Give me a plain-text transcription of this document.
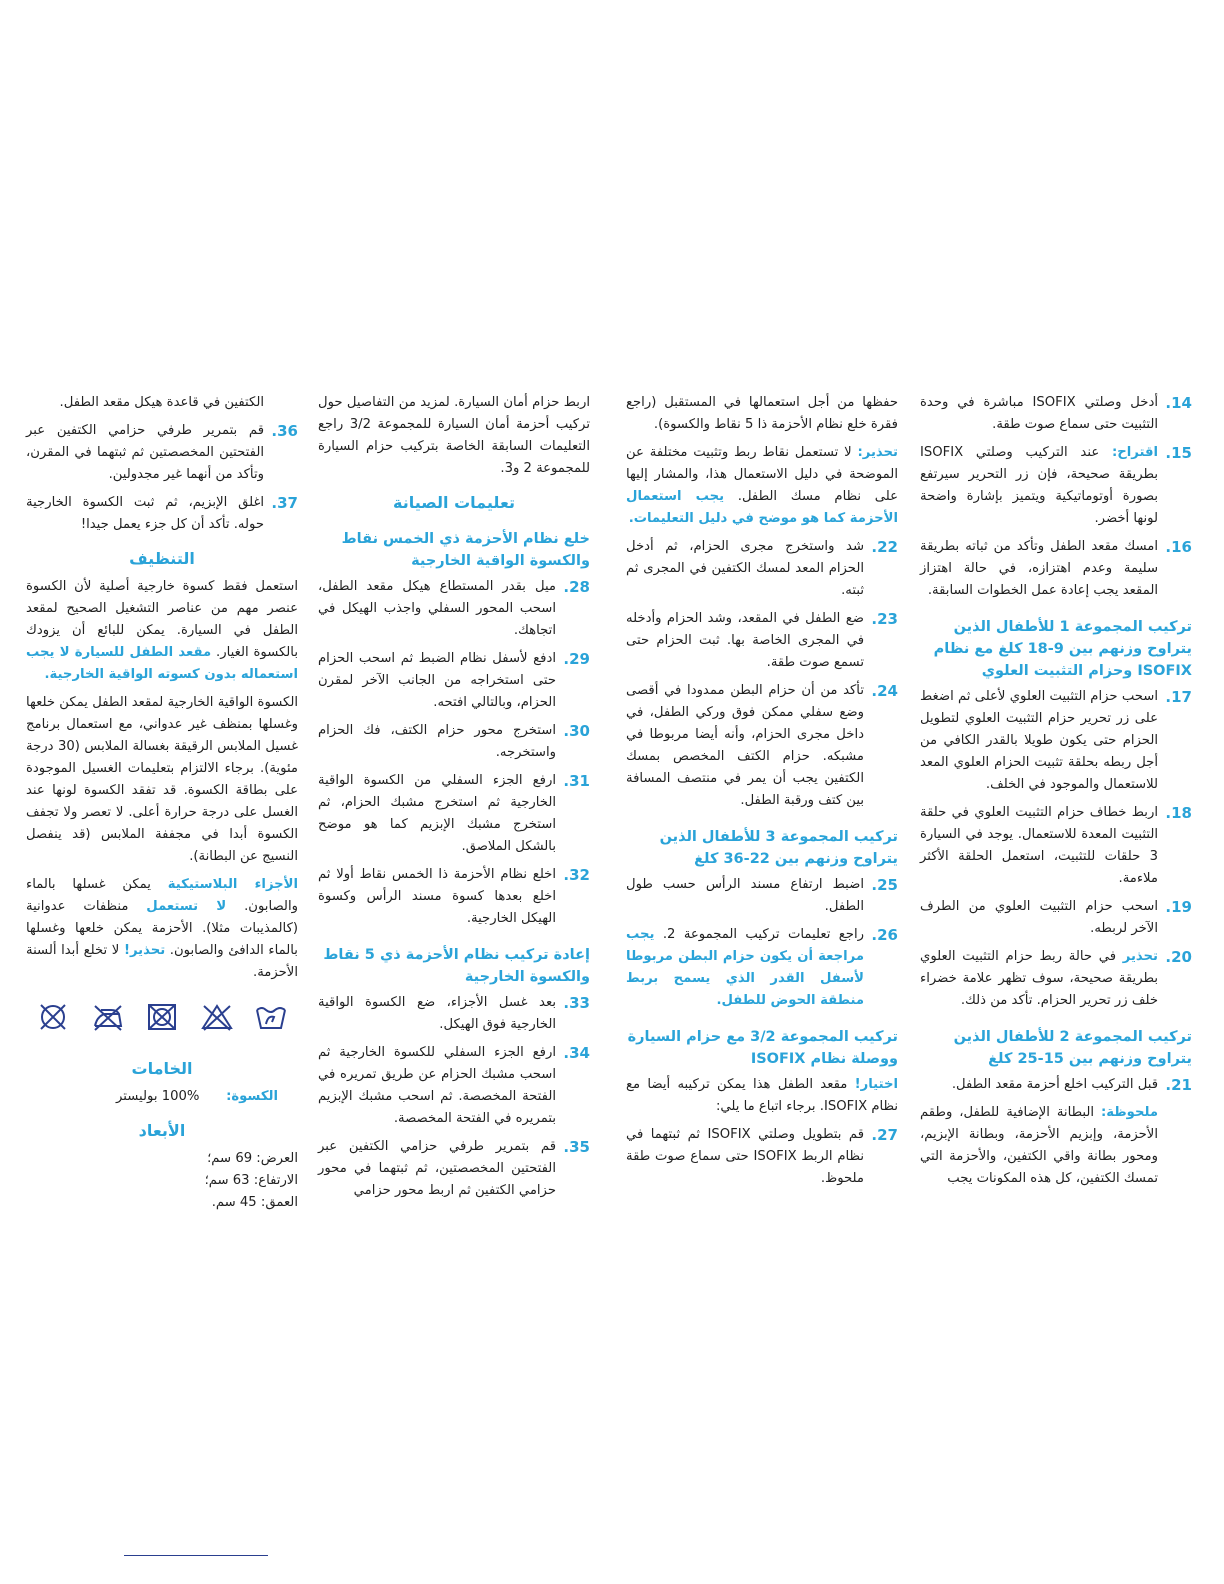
14.
أدخل وصلتي ISOFIX مباشرة في وحدة التثبيت حتى سماع صوت طقة.
15.
اقتراح: عند التركيب وصلتي ISOFIX بطريقة صحيحة، فإن زر التحرير سيرتفع بصورة أوتوماتيكية ويتميز بإشارة واضحة لونها أخضر.
16.
امسك مقعد الطفل وتأكد من ثباته بطريقة سليمة وعدم اهتزازه، في حالة اهتزاز المقعد يجب إعادة عمل الخطوات السابقة.
تركيب المجموعة 1 للأطفال الذين يتراوح وزنهم بين 9-18 كلغ مع نظام ISOFIX وحزام التثبيت العلوي
17.
اسحب حزام التثبيت العلوي لأعلى ثم اضغط على زر تحرير حزام التثبيت العلوي لتطويل الحزام حتى يكون طويلا بالقدر الكافي من أجل ربطه بحلقة تثبيت الحزام العلوي المعد للاستعمال والموجود في الخلف.
18.
اربط خطاف حزام التثبيت العلوي في حلقة التثبيت المعدة للاستعمال. يوجد في السيارة 3 حلقات للتثبيت، استعمل الحلقة الأكثر ملاءمة.
19.
اسحب حزام التثبيت العلوي من الطرف الآخر لربطه.
20.
تحذير في حالة ربط حزام التثبيت العلوي بطريقة صحيحة، سوف تظهر علامة خضراء خلف زر تحرير الحزام. تأكد من ذلك.
تركيب المجموعة 2 للأطفال الذين يتراوح وزنهم بين 15-25 كلغ
21.
قبل التركيب اخلع أحزمة مقعد الطفل.

ملحوظة: البطانة الإضافية للطفل، وطقم الأحزمة، وإبزيم الأحزمة، وبطانة الإبزيم، ومحور بطانة واقي الكتفين، والأحزمة التي تمسك الكتفين، كل هذه المكونات يجب

حفظها من أجل استعمالها في المستقبل (راجع فقرة خلع نظام الأحزمة ذا 5 نقاط والكسوة).

تحذير: لا تستعمل نقاط ربط وتثبيت مختلفة عن الموضحة في دليل الاستعمال هذا، والمشار إليها على نظام مسك الطفل. يجب استعمال الأحزمة كما هو موضح في دليل التعليمات.

22.
شد واستخرج مجرى الحزام، ثم أدخل الحزام المعد لمسك الكتفين في المجرى ثم ثبته.
23.
ضع الطفل في المقعد، وشد الحزام وأدخله في المجرى الخاصة بها. ثبت الحزام حتى تسمع صوت طقة.
24.
تأكد من أن حزام البطن ممدودا في أقصى وضع سفلي ممكن فوق وركي الطفل، في داخل مجرى الحزام، وأنه أيضا مربوطا في مشبكه. حزام الكتف المخصص بمسك الكتفين يجب أن يمر في منتصف المسافة بين كتف ورقبة الطفل.
تركيب المجموعة 3 للأطفال الذين يتراوح وزنهم بين 22-36 كلغ
25.
اضبط ارتفاع مسند الرأس حسب طول الطفل.
26.
راجع تعليمات تركيب المجموعة 2. يجب مراجعة أن يكون حزام البطن مربوطا لأسفل القدر الذي يسمح بربط منطقة الحوض للطفل.
تركيب المجموعة 3/2 مع حزام السيارة ووصلة نظام ISOFIX

اختيار! مقعد الطفل هذا يمكن تركيبه أيضا مع نظام ISOFIX. برجاء اتباع ما يلي:

27.
قم بتطويل وصلتي ISOFIX ثم ثبتهما في نظام الربط ISOFIX حتى سماع صوت طقة ملحوظ.

اربط حزام أمان السيارة. لمزيد من التفاصيل حول تركيب أحزمة أمان السيارة للمجموعة 3/2 راجع التعليمات السابقة الخاصة بتركيب حزام السيارة للمجموعة 2 و3.

تعليمات الصيانة
خلع نظام الأحزمة ذي الخمس نقاط والكسوة الواقية الخارجية
28.
ميل بقدر المستطاع هيكل مقعد الطفل، اسحب المحور السفلي واجذب الهيكل في اتجاهك.
29.
ادفع لأسفل نظام الضبط ثم اسحب الحزام حتى استخراجه من الجانب الآخر لمقرن الحزام، وبالتالي افتحه.
30.
استخرج محور حزام الكتف، فك الحزام واستخرجه.
31.
ارفع الجزء السفلي من الكسوة الواقية الخارجية ثم استخرج مشبك الحزام، ثم استخرج مشبك الإبزيم كما هو موضح بالشكل الملاصق.
32.
اخلع نظام الأحزمة ذا الخمس نقاط أولا ثم اخلع بعدها كسوة مسند الرأس وكسوة الهيكل الخارجية.
إعادة تركيب نظام الأحزمة ذي 5 نقاط والكسوة الخارجية
33.
بعد غسل الأجزاء، ضع الكسوة الواقية الخارجية فوق الهيكل.
34.
ارفع الجزء السفلي للكسوة الخارجية ثم اسحب مشبك الحزام عن طريق تمريره في الفتحة المخصصة. ثم اسحب مشبك الإبزيم بتمريره في الفتحة المخصصة.
35.
قم بتمرير طرفي حزامي الكتفين عبر الفتحتين المخصصتين، ثم ثبتهما في محور حزامي الكتفين ثم اربط محور حزامي

الكتفين في قاعدة هيكل مقعد الطفل.

36.
قم بتمرير طرفي حزامي الكتفين عبر الفتحتين المخصصتين ثم ثبتهما في المقرن، وتأكد من أنهما غير مجدولين.
37.
اغلق الإبزيم، ثم ثبت الكسوة الخارجية حوله. تأكد أن كل جزء يعمل جيدا!
التنظيف

استعمل فقط كسوة خارجية أصلية لأن الكسوة عنصر مهم من عناصر التشغيل الصحيح لمقعد الطفل في السيارة. يمكن للبائع أن يزودك بالكسوة الغيار. مقعد الطفل للسيارة لا يجب استعماله بدون كسوته الواقية الخارجية.

الكسوة الواقية الخارجية لمقعد الطفل يمكن خلعها وغسلها بمنظف غير عدواني، مع استعمال برنامج غسيل الملابس الرقيقة بغسالة الملابس (30 درجة مئوية). برجاء الالتزام بتعليمات الغسيل الموجودة على بطاقة الكسوة. قد تفقد الكسوة لونها عند الغسل على درجة حرارة أعلى. لا تعصر ولا تجفف الكسوة أبدا في مجففة الملابس (قد ينفصل النسيج عن البطانة).

الأجزاء البلاستيكية يمكن غسلها بالماء والصابون. لا تستعمل منظفات عدوانية (كالمذيبات مثلا). الأحزمة يمكن خلعها وغسلها بالماء الدافئ والصابون. تحذير! لا تخلع أبدا ألسنة الأحزمة.

الخامات
الكسوة:
100% بوليستر
الأبعاد
العرض: 69 سم؛
الارتفاع: 63 سم؛
العمق: 45 سم.
